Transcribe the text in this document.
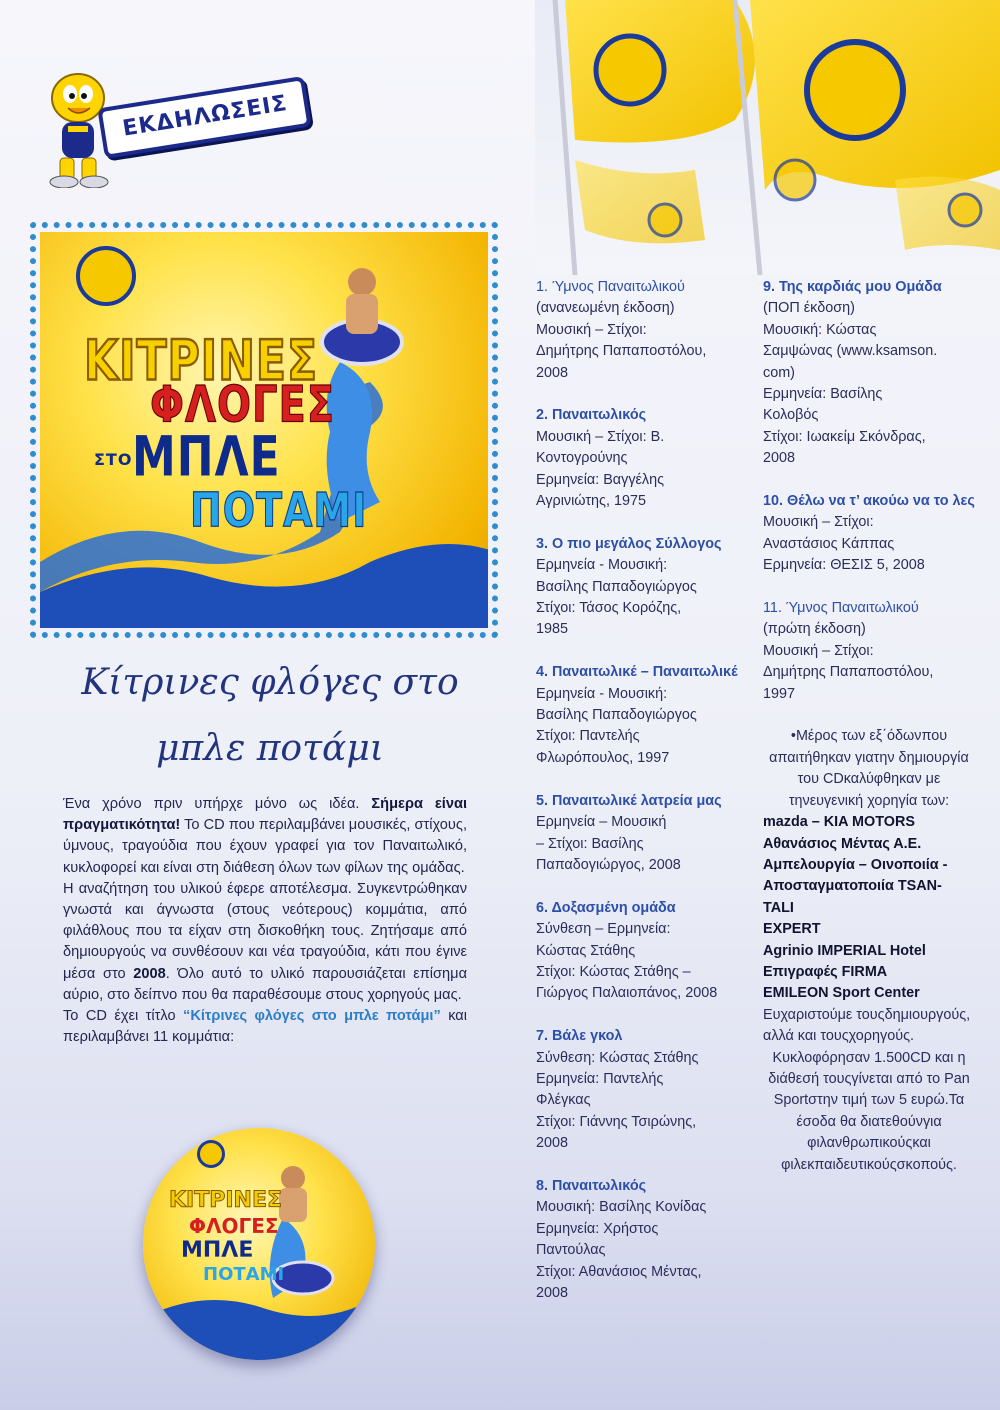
ΕΚΔΗΛΩΣΕΙΣ
ΚΙΤΡΙΝΕΣ
ΦΛΟΓΕΣ
ΣΤΟ ΜΠΛΕ
ΠΟΤΑΜΙ
Κίτρινες φλόγες στο
μπλε ποτάμι

Ένα χρόνο πριν υπήρχε μόνο ως ιδέα. Σήμερα είναι πραγματικότητα! Το CD που περιλαμβάνει μουσικές, στίχους, ύμνους, τραγούδια που έχουν γραφεί για τον Παναιτωλικό, κυκλοφορεί και είναι στη διάθεση όλων των φίλων της ομάδας.

Η αναζήτηση του υλικού έφερε αποτέλεσμα. Συγκεντρώθηκαν γνωστά και άγνωστα (στους νεότερους) κομμάτια, από φιλάθλους που τα είχαν στη δισκοθήκη τους. Ζητήσαμε από δημιουργούς να συνθέσουν και νέα τραγούδια, κάτι που έγινε μέσα στο 2008. Όλο αυτό το υλικό παρουσιάζεται επίσημα αύριο, στο δείπνο που θα παραθέσουμε στους χορηγούς μας.

Το CD έχει τίτλο “Κίτρινες φλόγες στο μπλε ποτάμι” και περιλαμβάνει 11 κομμάτια:

ΚΙΤΡΙΝΕΣ
ΦΛΟΓΕΣ
ΜΠΛΕ
ΠΟΤΑΜΙ
1. Ύμνος Παναιτωλικού
(ανανεωμένη έκδοση)
Μουσική – Στίχοι:
Δημήτρης Παπαποστόλου,
2008
2. Παναιτωλικός
Μουσική – Στίχοι: Β.
Κοντογρούνης
Ερμηνεία: Βαγγέλης
Αγρινιώτης, 1975
3. Ο πιο μεγάλος Σύλλογος
Ερμηνεία - Μουσική:
Βασίλης Παπαδογιώργος
Στίχοι: Τάσος Κορόζης,
1985
4. Παναιτωλικέ – Παναιτωλικέ
Ερμηνεία - Μουσική:
Βασίλης Παπαδογιώργος
Στίχοι: Παντελής
Φλωρόπουλος, 1997
5. Παναιτωλικέ λατρεία μας
Ερμηνεία – Μουσική
– Στίχοι: Βασίλης
Παπαδογιώργος, 2008
6. Δοξασμένη ομάδα
Σύνθεση – Ερμηνεία:
Κώστας Στάθης
Στίχοι: Κώστας Στάθης –
Γιώργος Παλαιοπάνος, 2008
7. Βάλε γκολ
Σύνθεση: Κώστας Στάθης
Ερμηνεία: Παντελής
Φλέγκας
Στίχοι: Γιάννης Τσιρώνης,
2008
8. Παναιτωλικός
Μουσική: Βασίλης Κονίδας
Ερμηνεία: Χρήστος
Παντούλας
Στίχοι: Αθανάσιος Μέντας,
2008
9. Της καρδιάς μου Ομάδα
(ΠΟΠ έκδοση)
Μουσική: Κώστας
Σαμψώνας (www.ksamson.
com)
Ερμηνεία: Βασίλης
Κολοβός
Στίχοι: Ιωακείμ Σκόνδρας,
2008
10. Θέλω να τ’ ακούω να το λες
Μουσική – Στίχοι:
Αναστάσιος Κάππας
Ερμηνεία: ΘΕΣΙΣ 5, 2008
11. Ύμνος Παναιτωλικού
(πρώτη έκδοση)
Μουσική – Στίχοι:
Δημήτρης Παπαποστόλου,
1997
•Μέρος των εξ΄όδωνπου απαιτήθηκαν γιατην δημιουργία του CDκαλύφθηκαν με τηνευγενική χορηγία των:
mazda – KIA MOTORS
Αθανάσιος Μέντας Α.Ε.
Αμπελουργία – Οινοποιία -
Αποσταγματοποιία TSAN-
TALI
EXPERT
Agrinio IMPERIAL Hotel
Επιγραφές FIRMA
EMILEON Sport Center
Ευχαριστούμε τουςδημιουργούς, αλλά και τουςχορηγούς.
Κυκλοφόρησαν 1.500CD και η διάθεσή τουςγίνεται από το Pan Sportστην τιμή των 5 ευρώ.Τα έσοδα θα διατεθούνγια φιλανθρωπικούςκαι φιλεκπαιδευτικούςσκοπούς.
